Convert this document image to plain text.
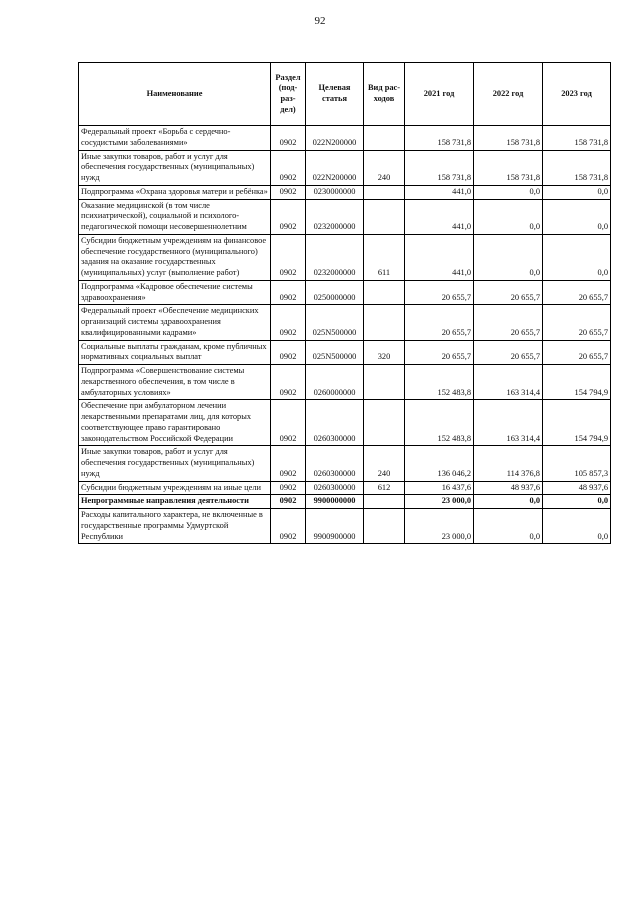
92
Наименование	Раздел (под-раз-дел)	Целевая статья	Вид рас-ходов	2021 год	2022 год	2023 год
Федеральный проект «Борьба с сердечно-сосудистыми заболеваниями»	0902	022N200000		158 731,8	158 731,8	158 731,8
Иные закупки товаров, работ и услуг для обеспечения государственных (муниципальных) нужд	0902	022N200000	240	158 731,8	158 731,8	158 731,8
Подпрограмма «Охрана здоровья матери и ребёнка»	0902	0230000000		441,0	0,0	0,0
Оказание медицинской (в том числе психиатрической), социальной и психолого-педагогической помощи несовершеннолетним	0902	0232000000		441,0	0,0	0,0
Субсидии бюджетным учреждениям на финансовое обеспечение государственного (муниципального) задания на оказание государственных (муниципальных) услуг (выполнение работ)	0902	0232000000	611	441,0	0,0	0,0
Подпрограмма «Кадровое обеспечение системы здравоохранения»	0902	0250000000		20 655,7	20 655,7	20 655,7
Федеральный проект «Обеспечение медицинских организаций системы здравоохранения квалифицированными кадрами»	0902	025N500000		20 655,7	20 655,7	20 655,7
Социальные выплаты гражданам, кроме публичных нормативных социальных выплат	0902	025N500000	320	20 655,7	20 655,7	20 655,7
Подпрограмма «Совершенствование системы лекарственного обеспечения, в том числе в амбулаторных условиях»	0902	0260000000		152 483,8	163 314,4	154 794,9
Обеспечение при амбулаторном лечении лекарственными препаратами лиц, для которых соответствующее право гарантировано законодательством Российской Федерации	0902	0260300000		152 483,8	163 314,4	154 794,9
Иные закупки товаров, работ и услуг для обеспечения государственных (муниципальных) нужд	0902	0260300000	240	136 046,2	114 376,8	105 857,3
Субсидии бюджетным учреждениям на иные цели	0902	0260300000	612	16 437,6	48 937,6	48 937,6
Непрограммные направления деятельности	0902	9900000000		23 000,0	0,0	0,0
Расходы капитального характера, не включенные в государственные программы Удмуртской Республики	0902	9900900000		23 000,0	0,0	0,0
